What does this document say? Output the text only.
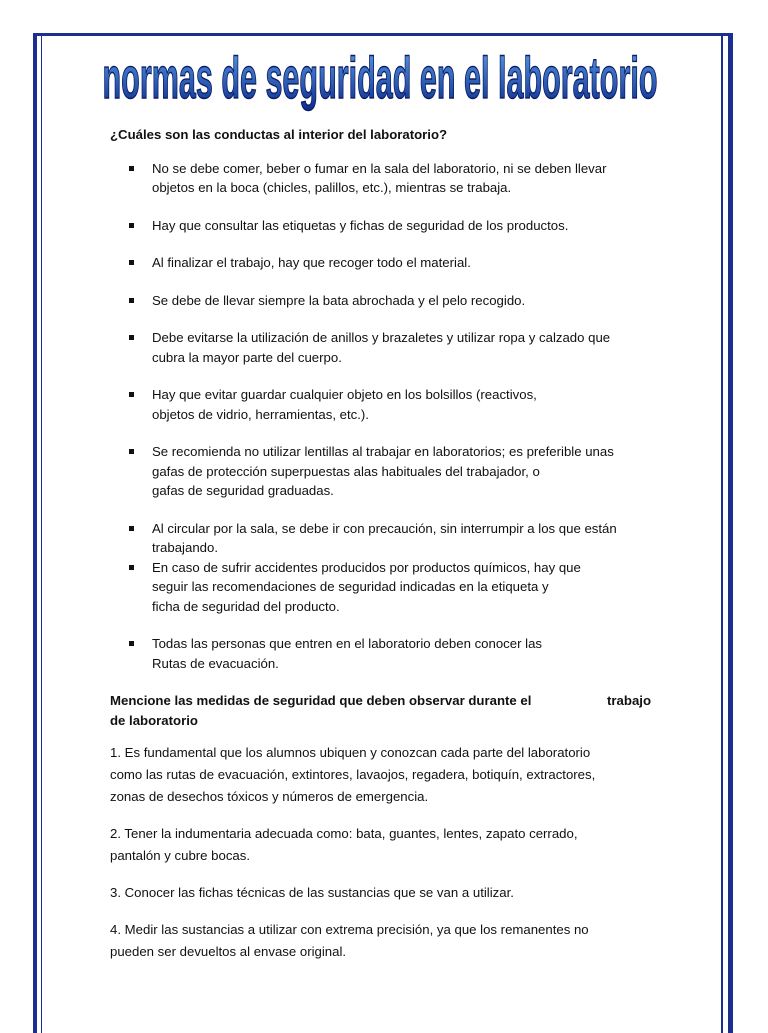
normas de seguridad en el laboratorio
¿Cuáles son las conductas al interior del laboratorio?
No se debe comer, beber o fumar en la sala del laboratorio, ni se deben llevar
objetos en la boca (chicles, palillos, etc.), mientras se trabaja.
Hay que consultar las etiquetas y fichas de seguridad de los productos.
Al finalizar el trabajo, hay que recoger todo el material.
Se debe de llevar siempre la bata abrochada y el pelo recogido.
Debe evitarse la utilización de anillos y brazaletes y utilizar ropa y calzado que
cubra la mayor parte del cuerpo.
Hay que evitar guardar cualquier objeto en los bolsillos (reactivos,
objetos de vidrio, herramientas, etc.).
Se recomienda no utilizar lentillas al trabajar en laboratorios; es preferible unas
gafas de protección superpuestas alas habituales del trabajador, o
gafas de seguridad graduadas.
Al circular por la sala, se debe ir con precaución, sin interrumpir a los que están
trabajando.
En caso de sufrir accidentes producidos por productos químicos, hay que
seguir las recomendaciones de seguridad indicadas en la etiqueta y
ficha de seguridad del producto.
Todas las personas que entren en el laboratorio deben conocer las
Rutas de evacuación.
Mencione las medidas de seguridad que deben observar durante el	trabajo
de laboratorio
1. Es fundamental que los alumnos ubiquen y conozcan cada parte del laboratorio
como las rutas de evacuación, extintores, lavaojos, regadera, botiquín, extractores,
zonas de desechos tóxicos y números de emergencia.
2. Tener la indumentaria adecuada como: bata, guantes, lentes, zapato cerrado,
pantalón y cubre bocas.
3. Conocer las fichas técnicas de las sustancias que se van a utilizar.
4. Medir las sustancias a utilizar con extrema precisión, ya que los remanentes no
pueden ser devueltos al envase original.
